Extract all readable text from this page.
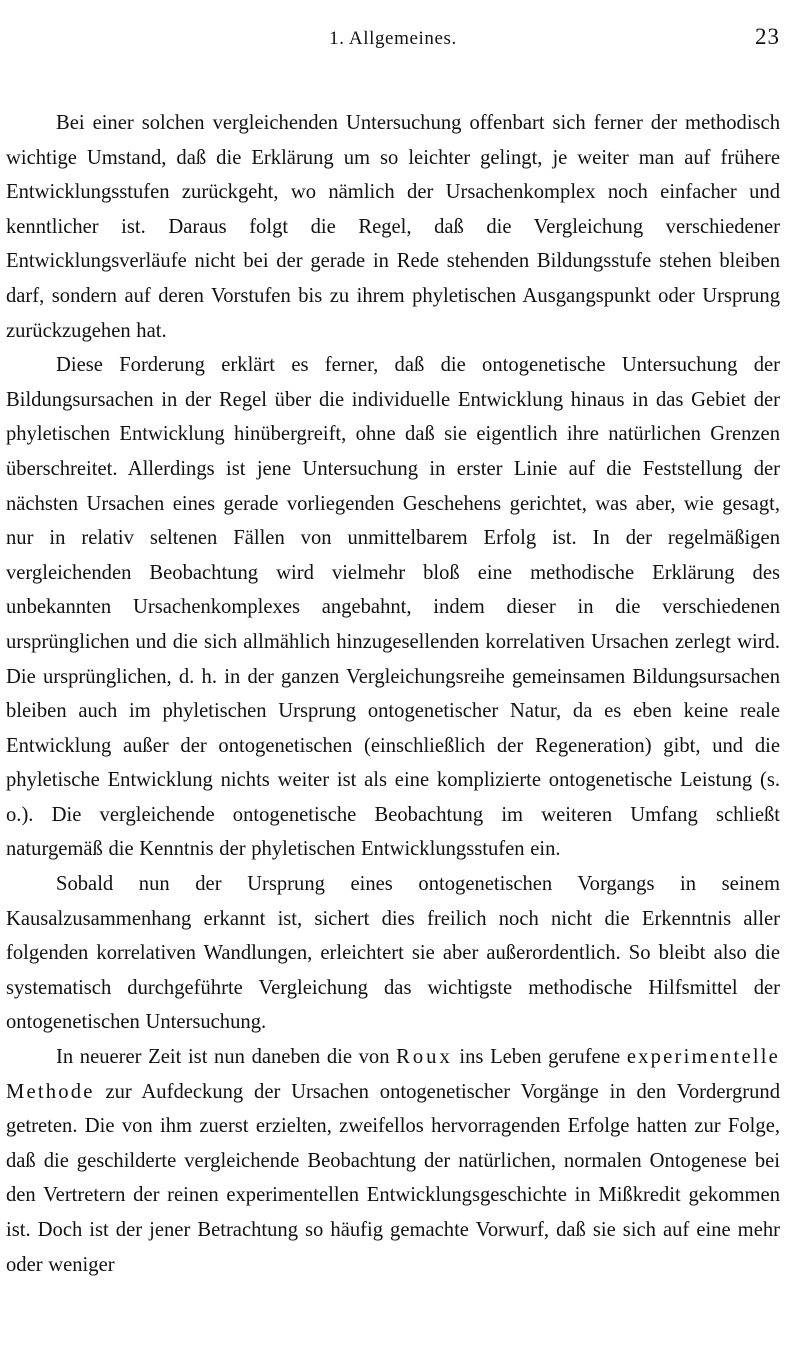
1. Allgemeines.	23

Bei einer solchen vergleichenden Untersuchung offenbart sich ferner der methodisch wichtige Umstand, daß die Erklärung um so leichter gelingt, je weiter man auf frühere Entwicklungsstufen zurückgeht, wo nämlich der Ursachenkomplex noch einfacher und kenntlicher ist. Daraus folgt die Regel, daß die Vergleichung verschiedener Entwicklungsverläufe nicht bei der gerade in Rede stehenden Bildungsstufe stehen bleiben darf, sondern auf deren Vorstufen bis zu ihrem phyletischen Ausgangspunkt oder Ursprung zurückzugehen hat.

Diese Forderung erklärt es ferner, daß die ontogenetische Untersuchung der Bildungsursachen in der Regel über die individuelle Entwicklung hinaus in das Gebiet der phyletischen Entwicklung hinübergreift, ohne daß sie eigentlich ihre natürlichen Grenzen überschreitet. Allerdings ist jene Untersuchung in erster Linie auf die Feststellung der nächsten Ursachen eines gerade vorliegenden Geschehens gerichtet, was aber, wie gesagt, nur in relativ seltenen Fällen von unmittelbarem Erfolg ist. In der regelmäßigen vergleichenden Beobachtung wird vielmehr bloß eine methodische Erklärung des unbekannten Ursachenkomplexes angebahnt, indem dieser in die verschiedenen ursprünglichen und die sich allmählich hinzugesellenden korrelativen Ursachen zerlegt wird. Die ursprünglichen, d. h. in der ganzen Vergleichungsreihe gemeinsamen Bildungsursachen bleiben auch im phyletischen Ursprung ontogenetischer Natur, da es eben keine reale Entwicklung außer der ontogenetischen (einschließlich der Regeneration) gibt, und die phyletische Entwicklung nichts weiter ist als eine komplizierte ontogenetische Leistung (s. o.). Die vergleichende ontogenetische Beobachtung im weiteren Umfang schließt naturgemäß die Kenntnis der phyletischen Entwicklungsstufen ein.

Sobald nun der Ursprung eines ontogenetischen Vorgangs in seinem Kausalzusammenhang erkannt ist, sichert dies freilich noch nicht die Erkenntnis aller folgenden korrelativen Wandlungen, erleichtert sie aber außerordentlich. So bleibt also die systematisch durchgeführte Vergleichung das wichtigste methodische Hilfsmittel der ontogenetischen Untersuchung.

In neuerer Zeit ist nun daneben die von Roux ins Leben gerufene experimentelle Methode zur Aufdeckung der Ursachen ontogenetischer Vorgänge in den Vordergrund getreten. Die von ihm zuerst erzielten, zweifellos hervorragenden Erfolge hatten zur Folge, daß die geschilderte vergleichende Beobachtung der natürlichen, normalen Ontogenese bei den Vertretern der reinen experimentellen Entwicklungsgeschichte in Mißkredit gekommen ist. Doch ist der jener Betrachtung so häufig gemachte Vorwurf, daß sie sich auf eine mehr oder weniger
